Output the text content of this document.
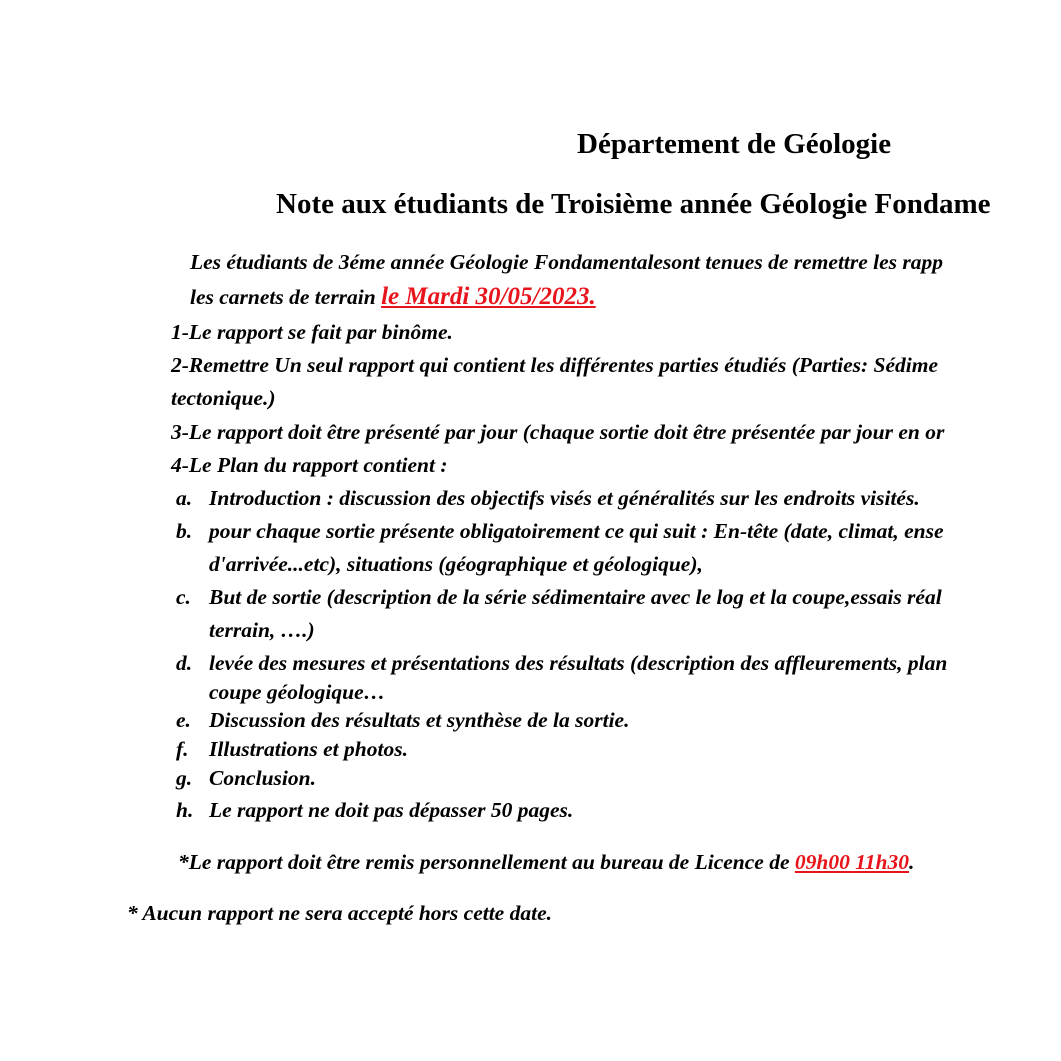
Département de Géologie
Note aux étudiants de Troisième année Géologie Fondame
Les étudiants de 3éme année Géologie Fondamentalesont tenues de remettre les rapp
les carnets de terrain le Mardi 30/05/2023.
1-Le rapport se fait par binôme.
2-Remettre Un seul rapport qui contient les différentes parties étudiés (Parties: Sédime
tectonique.)
3-Le rapport doit être présenté par jour (chaque sortie doit être présentée par jour en or
4-Le Plan du rapport contient :
a. Introduction : discussion des objectifs visés et généralités sur les endroits visités.
b. pour chaque sortie présente obligatoirement ce qui suit : En-tête (date, climat, ense
d'arrivée...etc), situations (géographique et géologique),
c. But de sortie (description de la série sédimentaire avec le log et la coupe,essais réal
terrain, ….)
d. levée des mesures et présentations des résultats (description des affleurements, plan
coupe géologique…
e. Discussion des résultats et synthèse de la sortie.
f. Illustrations et photos.
g. Conclusion.
h. Le rapport ne doit pas dépasser 50 pages.
*Le rapport doit être remis personnellement au bureau de Licence de 09h00 11h30.
* Aucun rapport ne sera accepté hors cette date.
